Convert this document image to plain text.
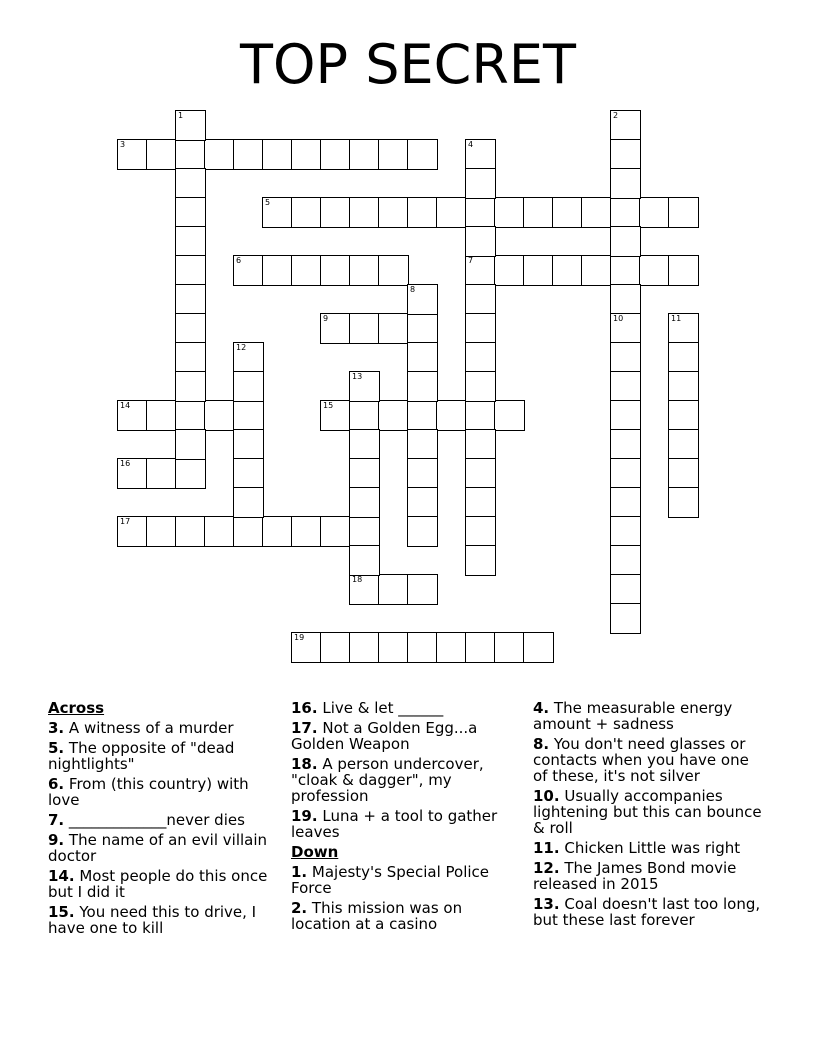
TOP SECRET
3
5
6	7
9
14	15
16
17
18
19
1	2
10
4
8
11
12
13
Across
3. A witness of a murder
5. The opposite of "dead nightlights"
6. From (this country) with love
7. _____________never dies
9. The name of an evil villain doctor
14. Most people do this once but I did it
15. You need this to drive, I have one to kill
16. Live & let ______
17. Not a Golden Egg...a Golden Weapon
18. A person undercover, "cloak & dagger", my profession
19. Luna + a tool to gather leaves
Down
1. Majesty's Special Police Force
2. This mission was on location at a casino
4. The measurable energy amount + sadness
8. You don't need glasses or contacts when you have one of these, it's not silver
10. Usually accompanies lightening but this can bounce & roll
11. Chicken Little was right
12. The James Bond movie released in 2015
13. Coal doesn't last too long, but these last forever
